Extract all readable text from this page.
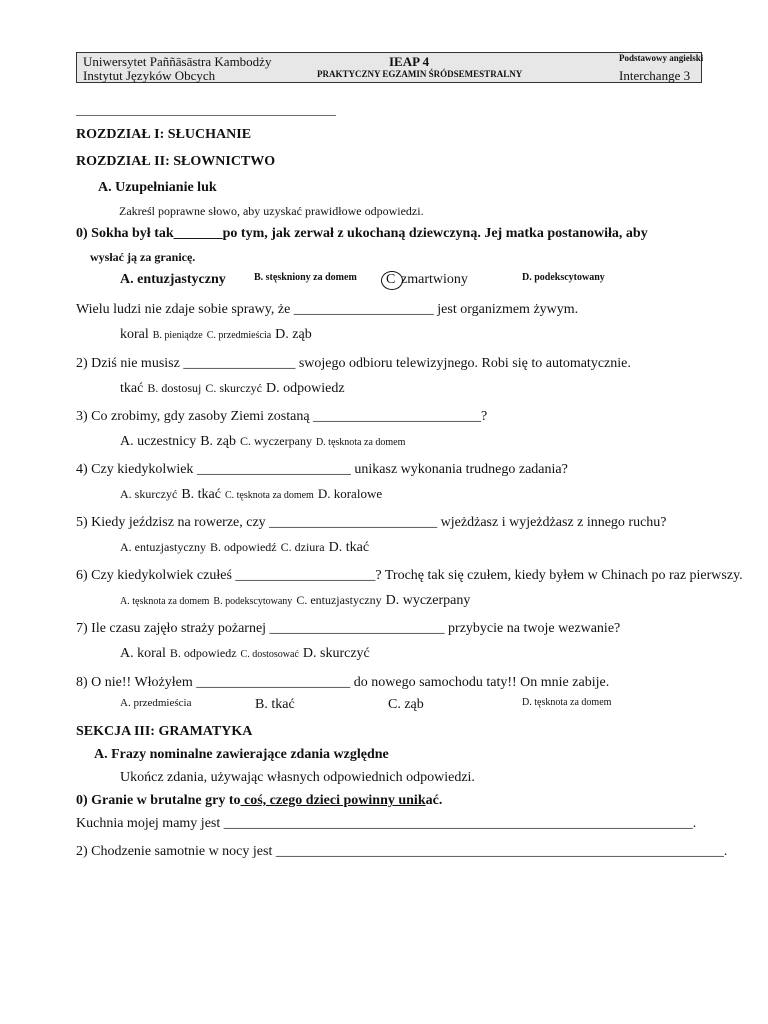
Uniwersytet Paññāsāstra Kambodży
Instytut Języków Obcych
IEAP 4
PRAKTYCZNY EGZAMIN ŚRÓDSEMESTRALNY
Podstawowy angielski
Interchange 3
________________________________________
ROZDZIAŁ I: SŁUCHANIE
ROZDZIAŁ II: SŁOWNICTWO
A. Uzupełnianie luk
Zakreśl poprawne słowo, aby uzyskać prawidłowe odpowiedzi.
0) Sokha był tak_______po tym, jak zerwał z ukochaną dziewczyną. Jej matka postanowiła, aby
wysłać ją za granicę.
A. entuzjastyczny	B. stęskniony za domem C zmartwiony	D. podekscytowany
Wielu ludzi nie zdaje sobie sprawy, że ____________________ jest organizmem żywym.
koral B. pieniądze C. przedmieścia D. ząb
2) Dziś nie musisz ________________ swojego odbioru telewizyjnego. Robi się to automatycznie.
tkać B. dostosuj C. skurczyć D. odpowiedz
3) Co zrobimy, gdy zasoby Ziemi zostaną ________________________?
A. uczestnicy B. ząb C. wyczerpany D. tęsknota za domem
4) Czy kiedykolwiek ______________________ unikasz wykonania trudnego zadania?
A. skurczyć B. tkać C. tęsknota za domem D. koralowe
5) Kiedy jeździsz na rowerze, czy ________________________ wjeżdżasz i wyjeżdżasz z innego ruchu?
A. entuzjastyczny B. odpowiedź C. dziura D. tkać
6) Czy kiedykolwiek czułeś ____________________? Trochę tak się czułem, kiedy byłem w Chinach po raz pierwszy.
A. tęsknota za domem B. podekscytowany C. entuzjastyczny D. wyczerpany
7) Ile czasu zajęło straży pożarnej _________________________ przybycie na twoje wezwanie?
A. koral B. odpowiedz C. dostosować D. skurczyć
8) O nie!! Włożyłem ______________________ do nowego samochodu taty!! On mnie zabije.
A. przedmieścia	B. tkać	C. ząb	D. tęsknota za domem
SEKCJA III: GRAMATYKA
A. Frazy nominalne zawierające zdania względne
Ukończ zdania, używając własnych odpowiednich odpowiedzi.
0) Granie w brutalne gry to coś, czego dzieci powinny unikać.
Kuchnia mojej mamy jest ___________________________________________________________________.
2) Chodzenie samotnie w nocy jest ________________________________________________________________.
